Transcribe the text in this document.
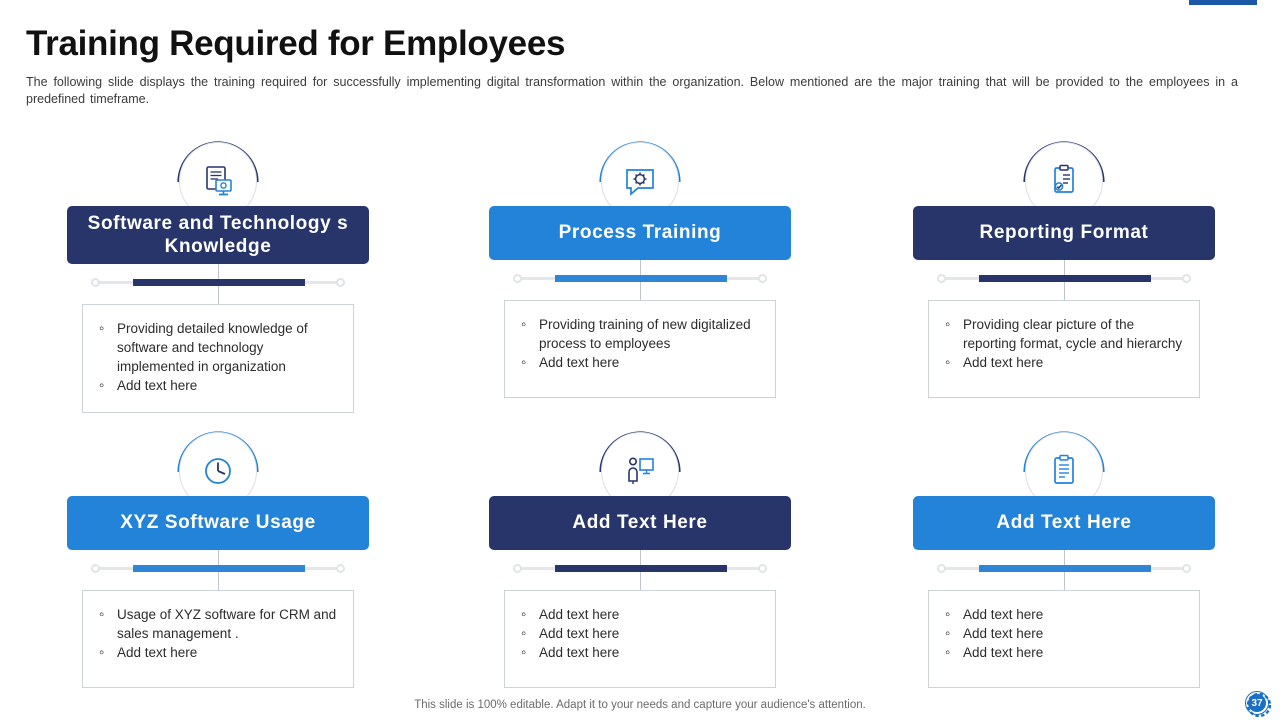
Training Required for Employees
The following slide displays the training required for successfully implementing digital transformation within the organization. Below mentioned are the major training that will be provided to the employees in a predefined timeframe.
Software and Technology s Knowledge
◦ Providing detailed knowledge of software and technology implemented in organization
◦ Add text here
Process Training
◦ Providing training of new digitalized process to employees
◦ Add text here
Reporting Format
◦ Providing clear picture of the reporting format, cycle and hierarchy
◦ Add text here
XYZ Software Usage
◦ Usage of XYZ software for CRM and sales management .
◦ Add text here
Add Text Here
◦ Add text here
◦ Add text here
◦ Add text here
Add Text Here
◦ Add text here
◦ Add text here
◦ Add text here
This slide is 100% editable. Adapt it to your needs and capture your audience's attention.	37
